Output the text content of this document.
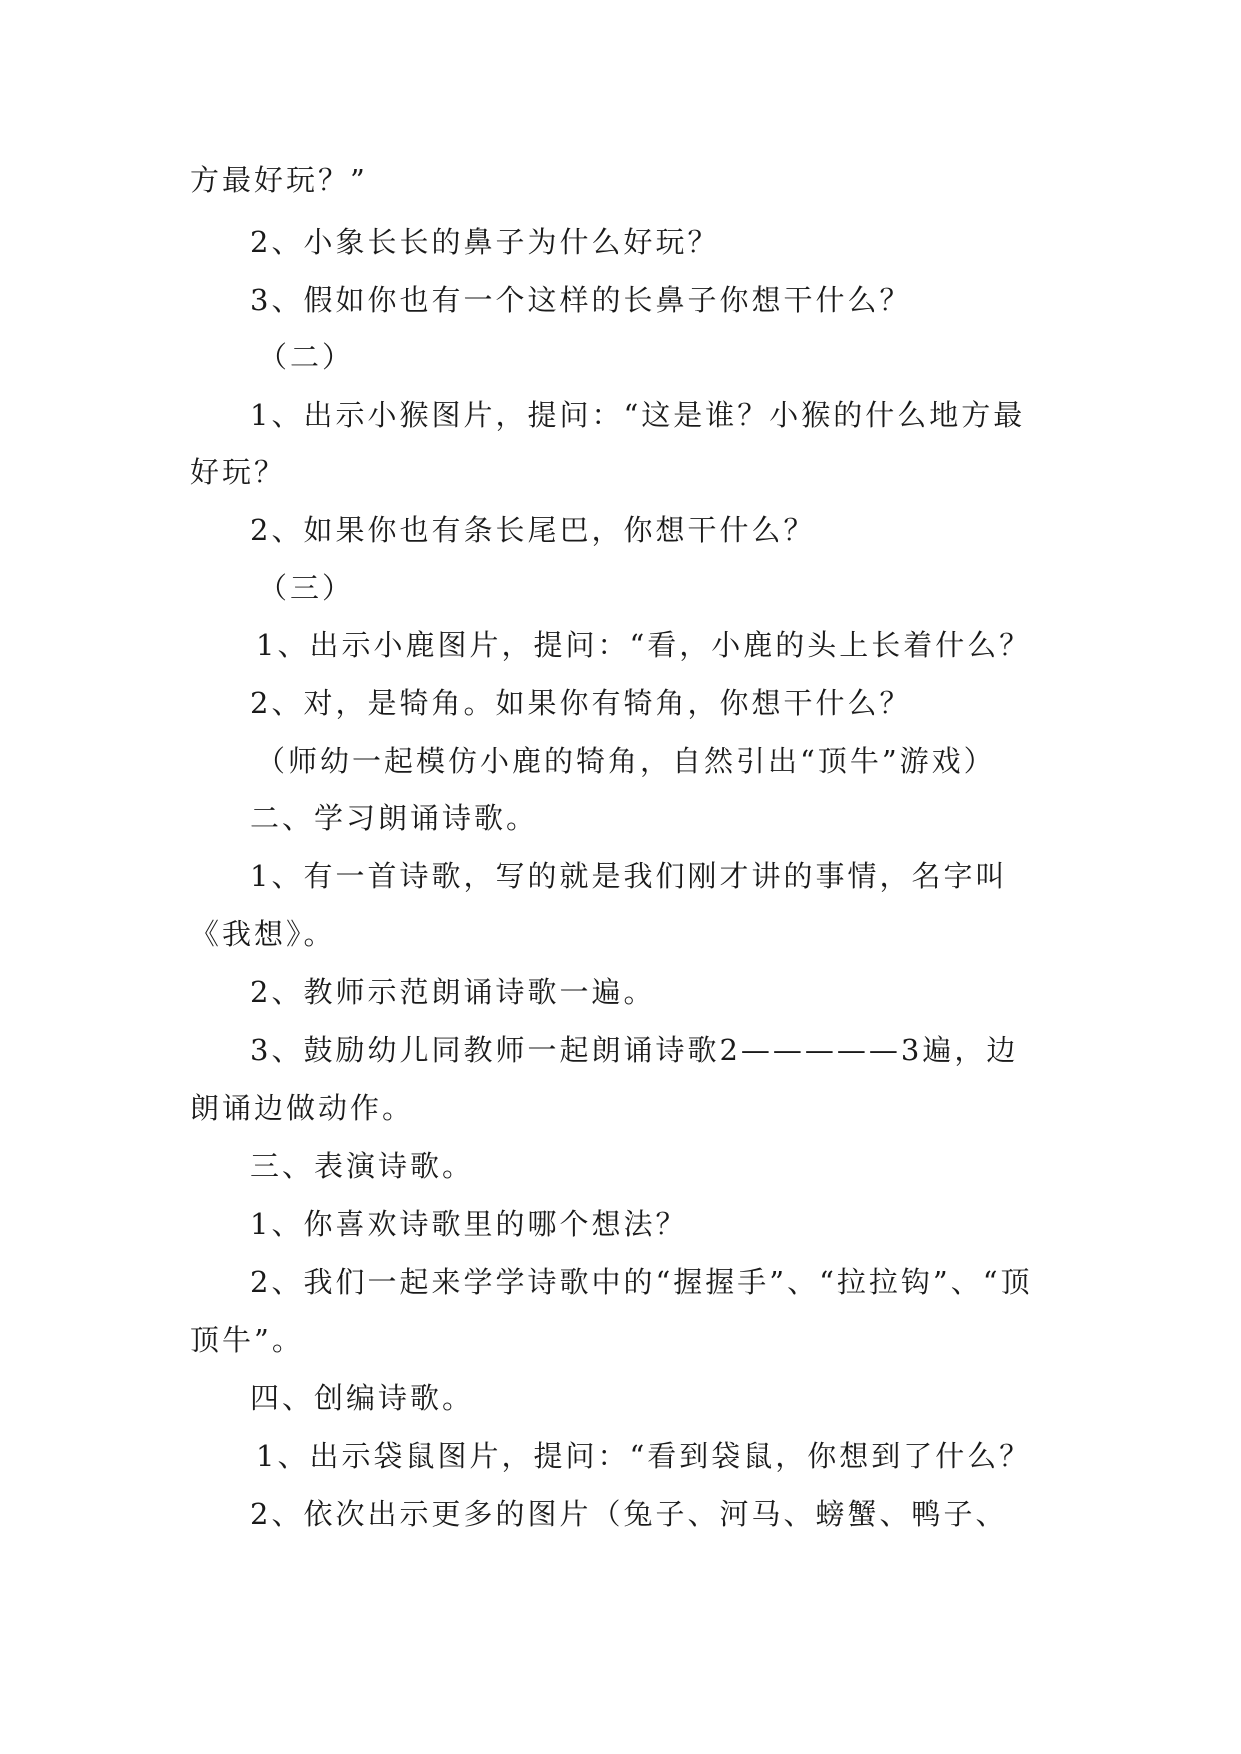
方最好玩？”
2、小象长长的鼻子为什么好玩？
3、假如你也有一个这样的长鼻子你想干什么？
（二）
1、出示小猴图片，提问：“这是谁？小猴的什么地方最
好玩？
2、如果你也有条长尾巴，你想干什么？
（三）
1、出示小鹿图片，提问：“看，小鹿的头上长着什么？
2、对，是犄角。如果你有犄角，你想干什么？
（师幼一起模仿小鹿的犄角，自然引出“顶牛”游戏）
二、学习朗诵诗歌。
1、有一首诗歌，写的就是我们刚才讲的事情，名字叫
《我想》。
2、教师示范朗诵诗歌一遍。
3、鼓励幼儿同教师一起朗诵诗歌2—————3遍，边
朗诵边做动作。
三、表演诗歌。
1、你喜欢诗歌里的哪个想法？
2、我们一起来学学诗歌中的“握握手”、“拉拉钩”、“顶
顶牛”。
四、创编诗歌。
1、出示袋鼠图片，提问：“看到袋鼠，你想到了什么？
2、依次出示更多的图片（兔子、河马、螃蟹、鸭子、
